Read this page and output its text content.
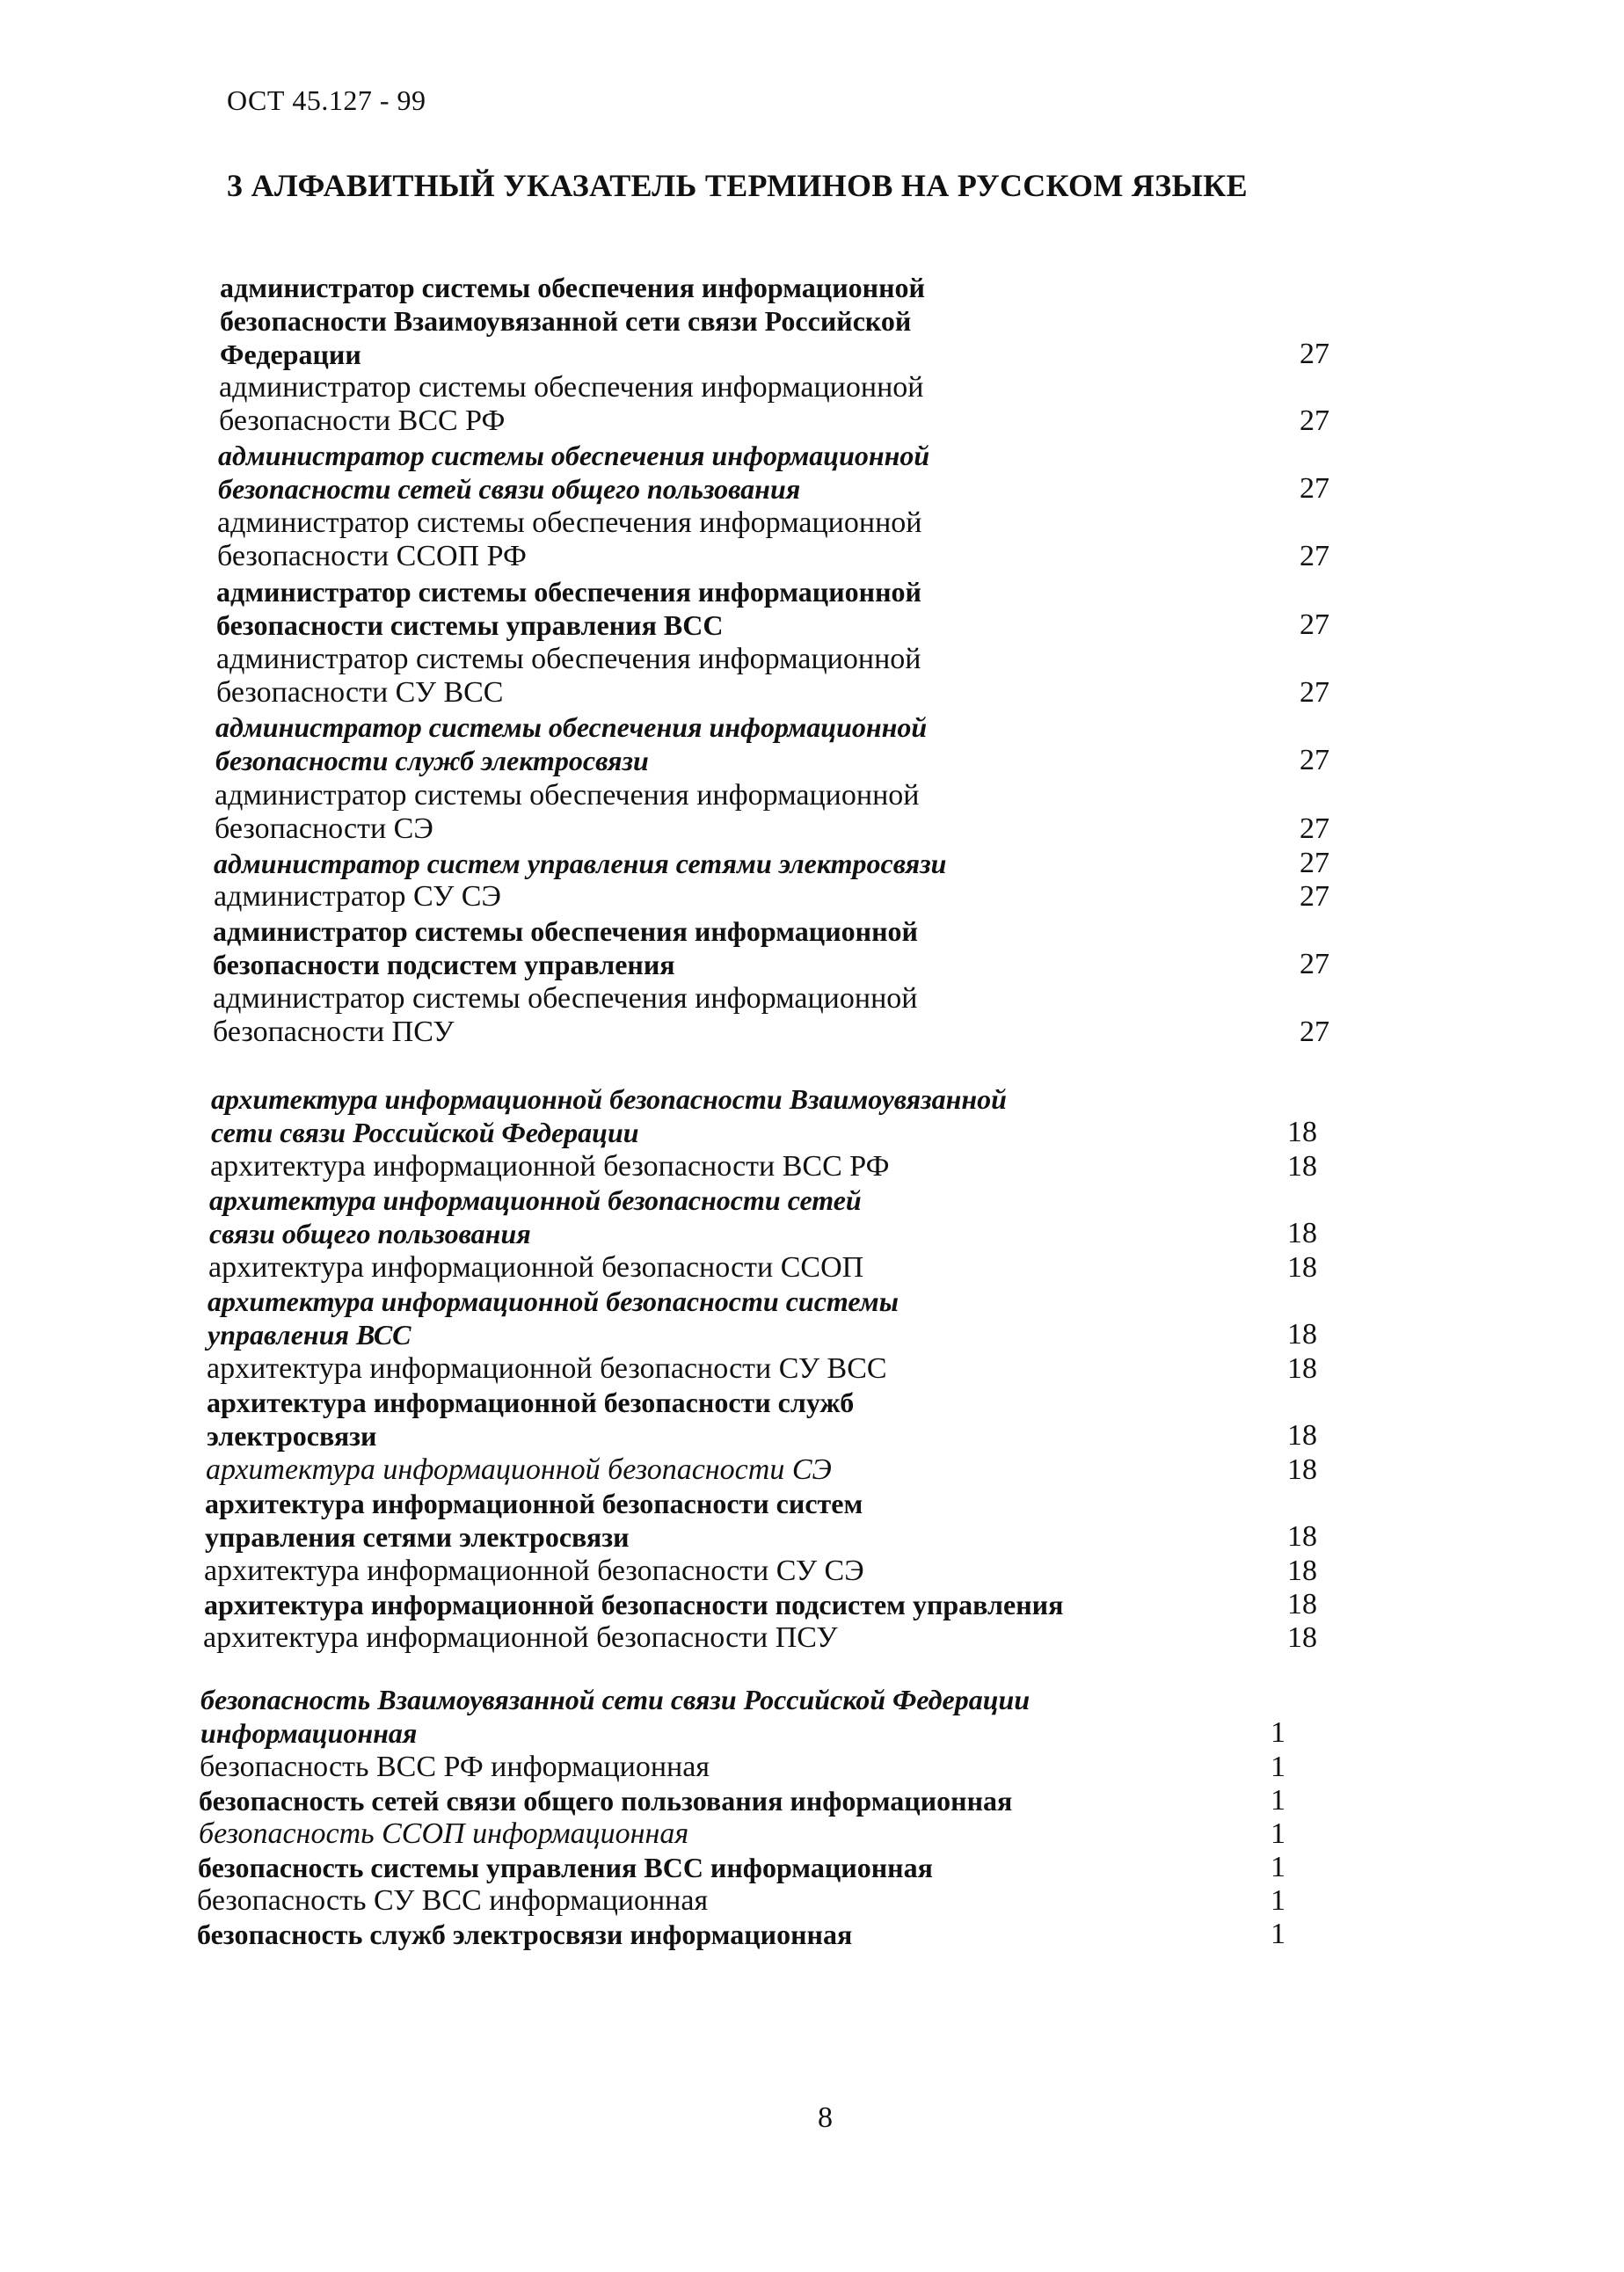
ОСТ 45.127 - 99
3 АЛФАВИТНЫЙ УКАЗАТЕЛЬ ТЕРМИНОВ НА РУССКОМ ЯЗЫКЕ
администратор системы обеспечения информационной
безопасности Взаимоувязанной сети связи Российской
Федерации	27
администратор системы обеспечения информационной
безопасности ВСС РФ	27
администратор системы обеспечения информационной
безопасности сетей связи общего пользования	27
администратор системы обеспечения информационной
безопасности ССОП РФ	27
администратор системы обеспечения информационной
безопасности системы управления ВСС	27
администратор системы обеспечения информационной
безопасности СУ ВСС	27
администратор системы обеспечения информационной
безопасности служб электросвязи	27
администратор системы обеспечения информационной
безопасности СЭ	27
администратор систем управления сетями электросвязи	27
администратор СУ СЭ	27
администратор системы обеспечения информационной
безопасности подсистем управления	27
администратор системы обеспечения информационной
безопасности ПСУ	27
архитектура информационной безопасности Взаимоувязанной
сети связи Российской Федерации	18
архитектура информационной безопасности ВСС РФ	18
архитектура информационной безопасности сетей
связи общего пользования	18
архитектура информационной безопасности ССОП	18
архитектура информационной безопасности системы
управления ВСС	18
архитектура информационной безопасности СУ ВСС	18
архитектура информационной безопасности служб
электросвязи	18
архитектура информационной безопасности СЭ	18
архитектура информационной безопасности систем
управления сетями электросвязи	18
архитектура информационной безопасности СУ СЭ	18
архитектура информационной безопасности подсистем управления	18
архитектура информационной безопасности ПСУ	18
безопасность Взаимоувязанной сети связи Российской Федерации
информационная	1
безопасность ВСС РФ информационная	1
безопасность сетей связи общего пользования информационная	1
безопасность ССОП информационная	1
безопасность системы управления ВСС информационная	1
безопасность СУ ВСС информационная	1
безопасность служб электросвязи информационная	1
8
